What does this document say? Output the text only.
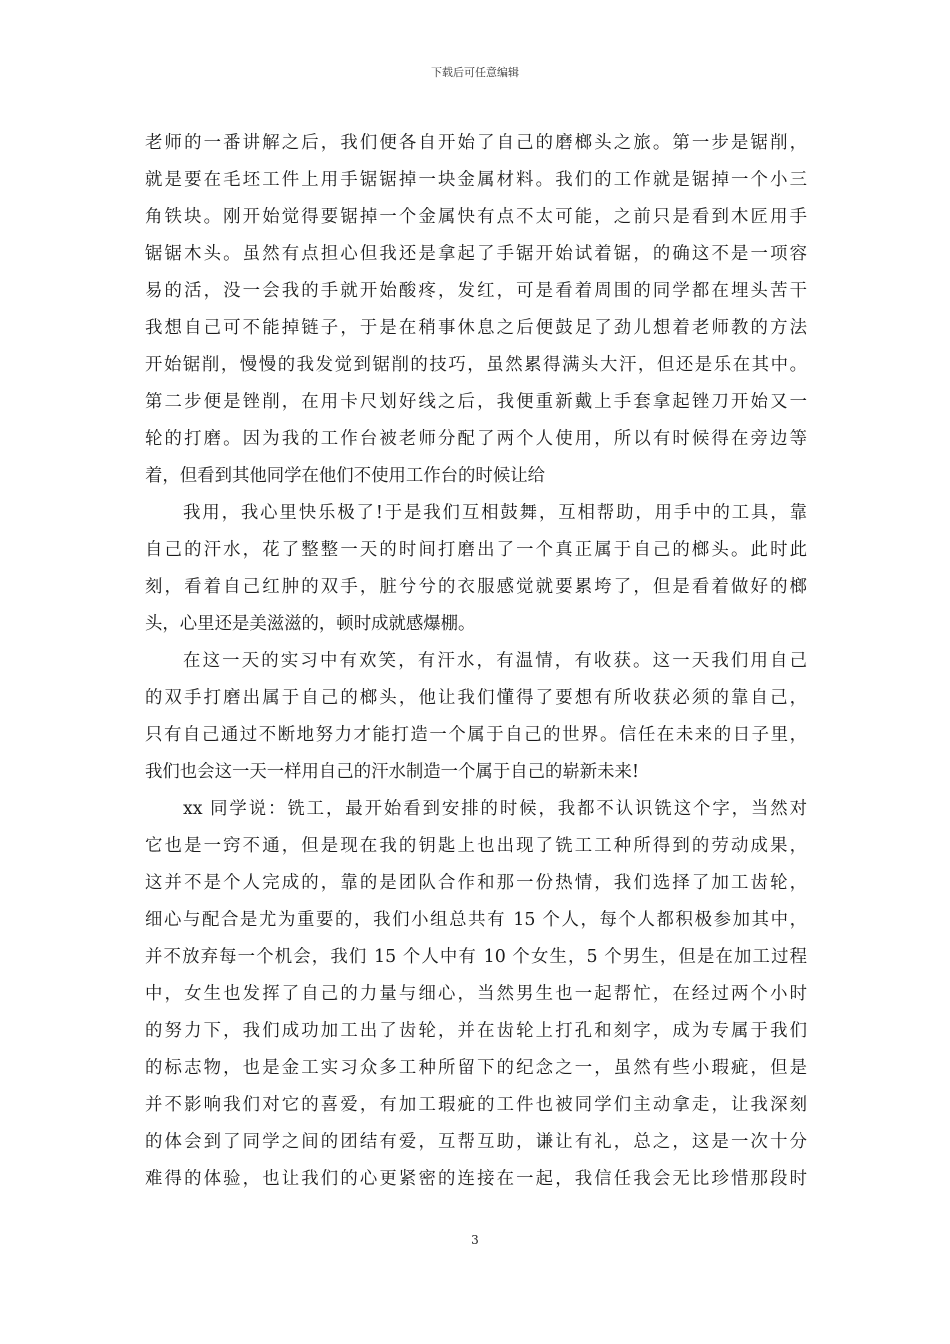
下载后可任意编辑
老师的一番讲解之后，我们便各自开始了自己的磨榔头之旅。第一步是锯削，
就是要在毛坯工件上用手锯锯掉一块金属材料。我们的工作就是锯掉一个小三
角铁块。刚开始觉得要锯掉一个金属快有点不太可能，之前只是看到木匠用手
锯锯木头。虽然有点担心但我还是拿起了手锯开始试着锯，的确这不是一项容
易的活，没一会我的手就开始酸疼，发红，可是看着周围的同学都在埋头苦干
我想自己可不能掉链子，于是在稍事休息之后便鼓足了劲儿想着老师教的方法
开始锯削，慢慢的我发觉到锯削的技巧，虽然累得满头大汗，但还是乐在其中。
第二步便是锉削，在用卡尺划好线之后，我便重新戴上手套拿起锉刀开始又一
轮的打磨。因为我的工作台被老师分配了两个人使用，所以有时候得在旁边等
着，但看到其他同学在他们不使用工作台的时候让给
我用，我心里快乐极了!于是我们互相鼓舞，互相帮助，用手中的工具，靠
自己的汗水，花了整整一天的时间打磨出了一个真正属于自己的榔头。此时此
刻，看着自己红肿的双手，脏兮兮的衣服感觉就要累垮了，但是看着做好的榔
头，心里还是美滋滋的，顿时成就感爆棚。
在这一天的实习中有欢笑，有汗水，有温情，有收获。这一天我们用自己
的双手打磨出属于自己的榔头，他让我们懂得了要想有所收获必须的靠自己，
只有自己通过不断地努力才能打造一个属于自己的世界。信任在未来的日子里，
我们也会这一天一样用自己的汗水制造一个属于自己的崭新未来!
xx 同学说：铣工，最开始看到安排的时候，我都不认识铣这个字，当然对
它也是一窍不通，但是现在我的钥匙上也出现了铣工工种所得到的劳动成果，
这并不是个人完成的，靠的是团队合作和那一份热情，我们选择了加工齿轮，
细心与配合是尤为重要的，我们小组总共有 15 个人，每个人都积极参加其中，
并不放弃每一个机会，我们 15 个人中有 10 个女生，5 个男生，但是在加工过程
中，女生也发挥了自己的力量与细心，当然男生也一起帮忙，在经过两个小时
的努力下，我们成功加工出了齿轮，并在齿轮上打孔和刻字，成为专属于我们
的标志物，也是金工实习众多工种所留下的纪念之一，虽然有些小瑕疵，但是
并不影响我们对它的喜爱，有加工瑕疵的工件也被同学们主动拿走，让我深刻
的体会到了同学之间的团结有爱，互帮互助，谦让有礼，总之，这是一次十分
难得的体验，也让我们的心更紧密的连接在一起，我信任我会无比珍惜那段时
3
